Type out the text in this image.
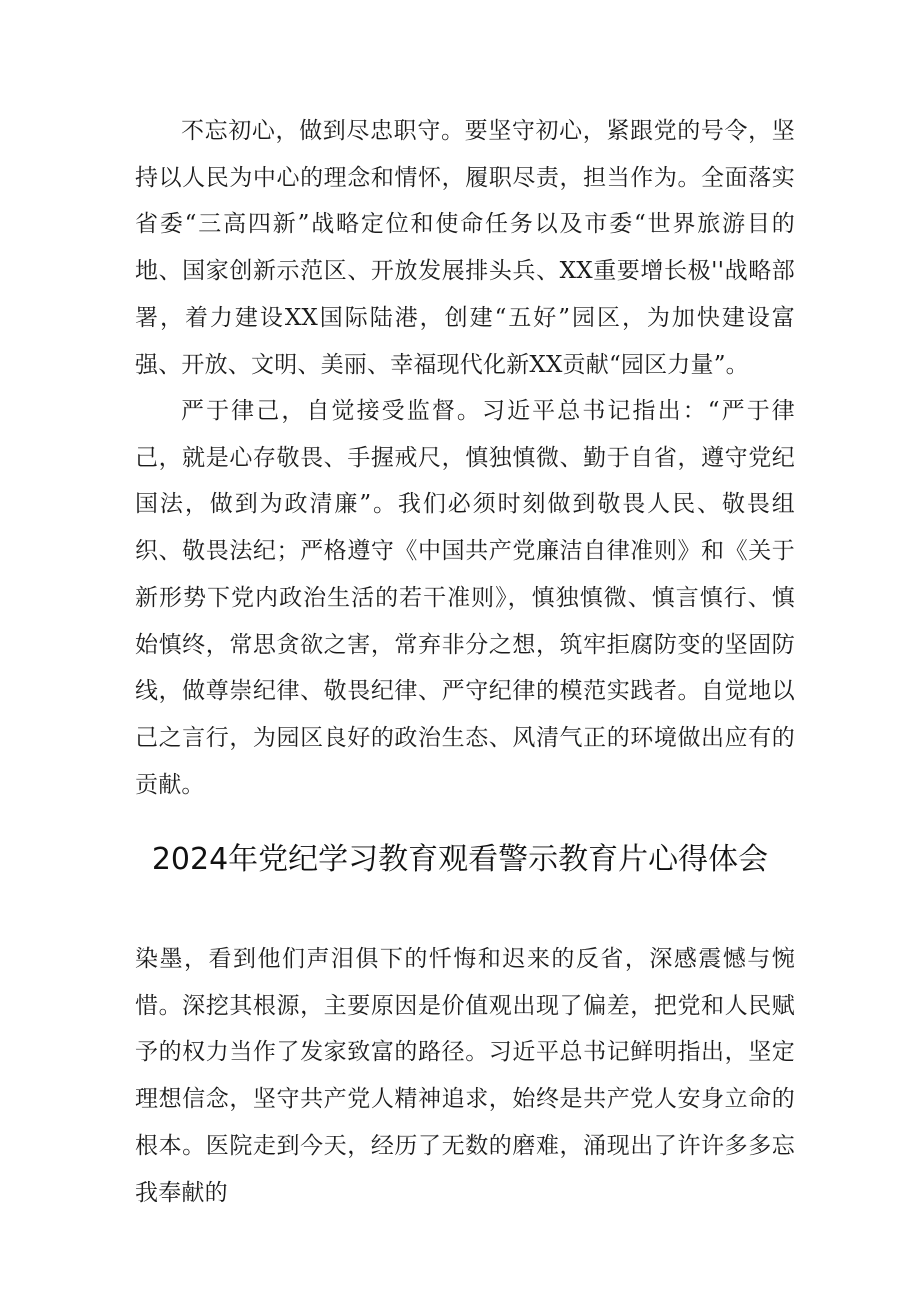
不忘初心，做到尽忠职守。要坚守初心，紧跟党的号令，坚持以人民为中心的理念和情怀，履职尽责，担当作为。全面落实省委“三高四新”战略定位和使命任务以及市委“世界旅游目的地、国家创新示范区、开放发展排头兵、XX重要增长极''战略部署，着力建设XX国际陆港，创建“五好”园区，为加快建设富强、开放、文明、美丽、幸福现代化新XX贡献“园区力量”。

严于律己，自觉接受监督。习近平总书记指出：“严于律己，就是心存敬畏、手握戒尺，慎独慎微、勤于自省，遵守党纪国法，做到为政清廉”。我们必须时刻做到敬畏人民、敬畏组织、敬畏法纪；严格遵守《中国共产党廉洁自律准则》和《关于新形势下党内政治生活的若干准则》，慎独慎微、慎言慎行、慎始慎终，常思贪欲之害，常弃非分之想，筑牢拒腐防变的坚固防线，做尊崇纪律、敬畏纪律、严守纪律的模范实践者。自觉地以己之言行，为园区良好的政治生态、风清气正的环境做出应有的贡献。

2024年党纪学习教育观看警示教育片心得体会

染墨，看到他们声泪俱下的忏悔和迟来的反省，深感震憾与惋惜。深挖其根源，主要原因是价值观出现了偏差，把党和人民赋予的权力当作了发家致富的路径。习近平总书记鲜明指出，坚定理想信念，坚守共产党人精神追求，始终是共产党人安身立命的根本。医院走到今天，经历了无数的磨难，涌现出了许许多多忘我奉献的
